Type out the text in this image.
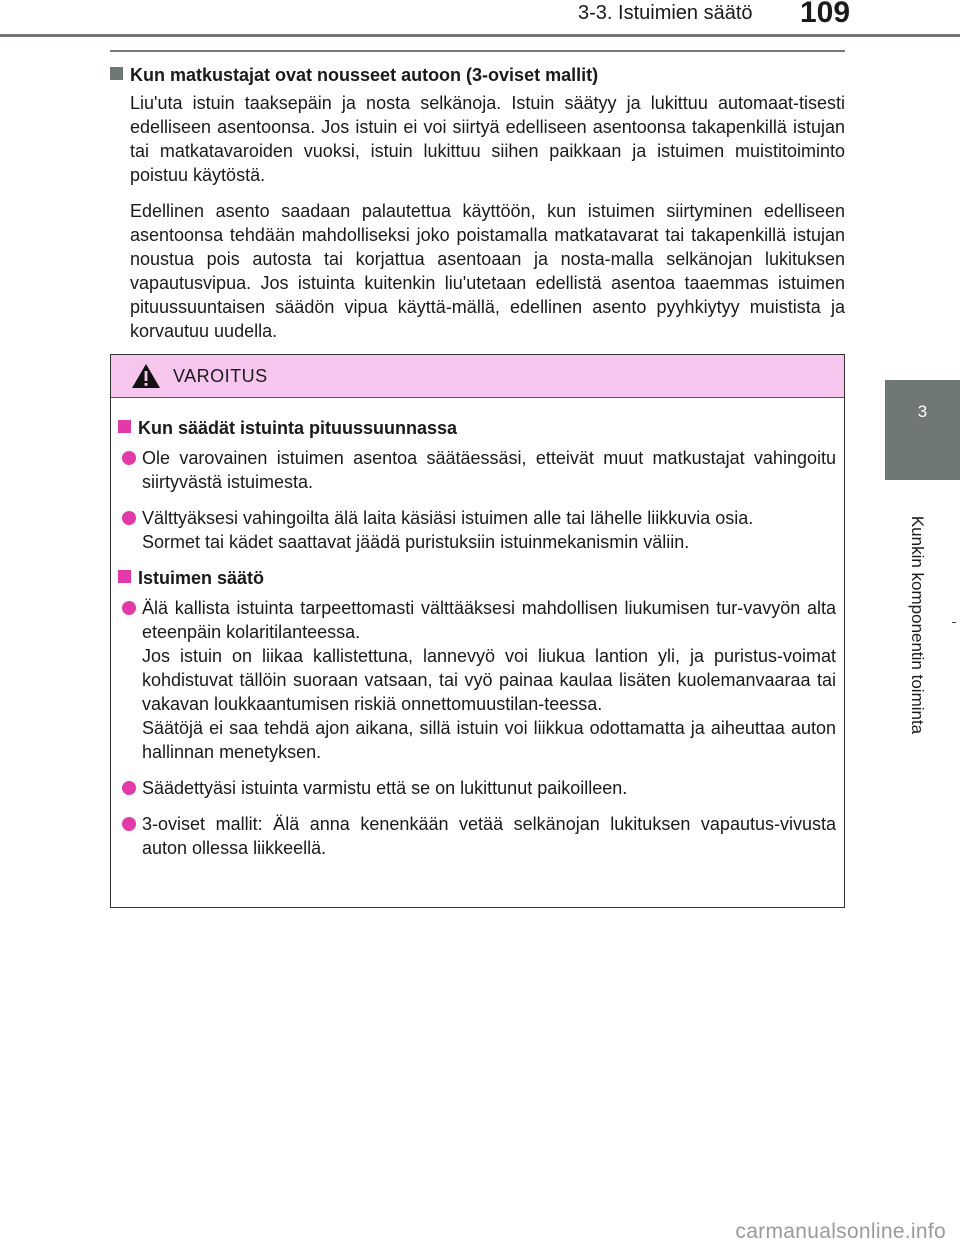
3-3. Istuimien säätö 109
3
Kunkin komponentin toiminta
Kun matkustajat ovat nousseet autoon (3-oviset mallit)
Liu'uta istuin taaksepäin ja nosta selkänoja. Istuin säätyy ja lukittuu automaat-tisesti edelliseen asentoonsa. Jos istuin ei voi siirtyä edelliseen asentoonsa takapenkillä istujan tai matkatavaroiden vuoksi, istuin lukittuu siihen paikkaan ja istuimen muistitoiminto poistuu käytöstä.
Edellinen asento saadaan palautettua käyttöön, kun istuimen siirtyminen edelliseen asentoonsa tehdään mahdolliseksi joko poistamalla matkatavarat tai takapenkillä istujan noustua pois autosta tai korjattua asentoaan ja nosta-malla selkänojan lukituksen vapautusvipua. Jos istuinta kuitenkin liu'utetaan edellistä asentoa taaemmas istuimen pituussuuntaisen säädön vipua käyttä-mällä, edellinen asento pyyhkiytyy muistista ja korvautuu uudella.
VAROITUS
Kun säädät istuinta pituussuunnassa

Ole varovainen istuimen asentoa säätäessäsi, etteivät muut matkustajat vahingoitu siirtyvästä istuimesta.

Välttyäksesi vahingoilta älä laita käsiäsi istuimen alle tai lähelle liikkuvia osia.

Sormet tai kädet saattavat jäädä puristuksiin istuinmekanismin väliin.

Istuimen säätö

Älä kallista istuinta tarpeettomasti välttääksesi mahdollisen liukumisen tur-vavyön alta eteenpäin kolaritilanteessa.

Jos istuin on liikaa kallistettuna, lannevyö voi liukua lantion yli, ja puristus-voimat kohdistuvat tällöin suoraan vatsaan, tai vyö painaa kaulaa lisäten kuolemanvaaraa tai vakavan loukkaantumisen riskiä onnettomuustilan-teessa.

Säätöjä ei saa tehdä ajon aikana, sillä istuin voi liikkua odottamatta ja aiheuttaa auton hallinnan menetyksen.

Säädettyäsi istuinta varmistu että se on lukittunut paikoilleen.

3-oviset mallit: Älä anna kenenkään vetää selkänojan lukituksen vapautus-vivusta auton ollessa liikkeellä.

carmanualsonline.info
